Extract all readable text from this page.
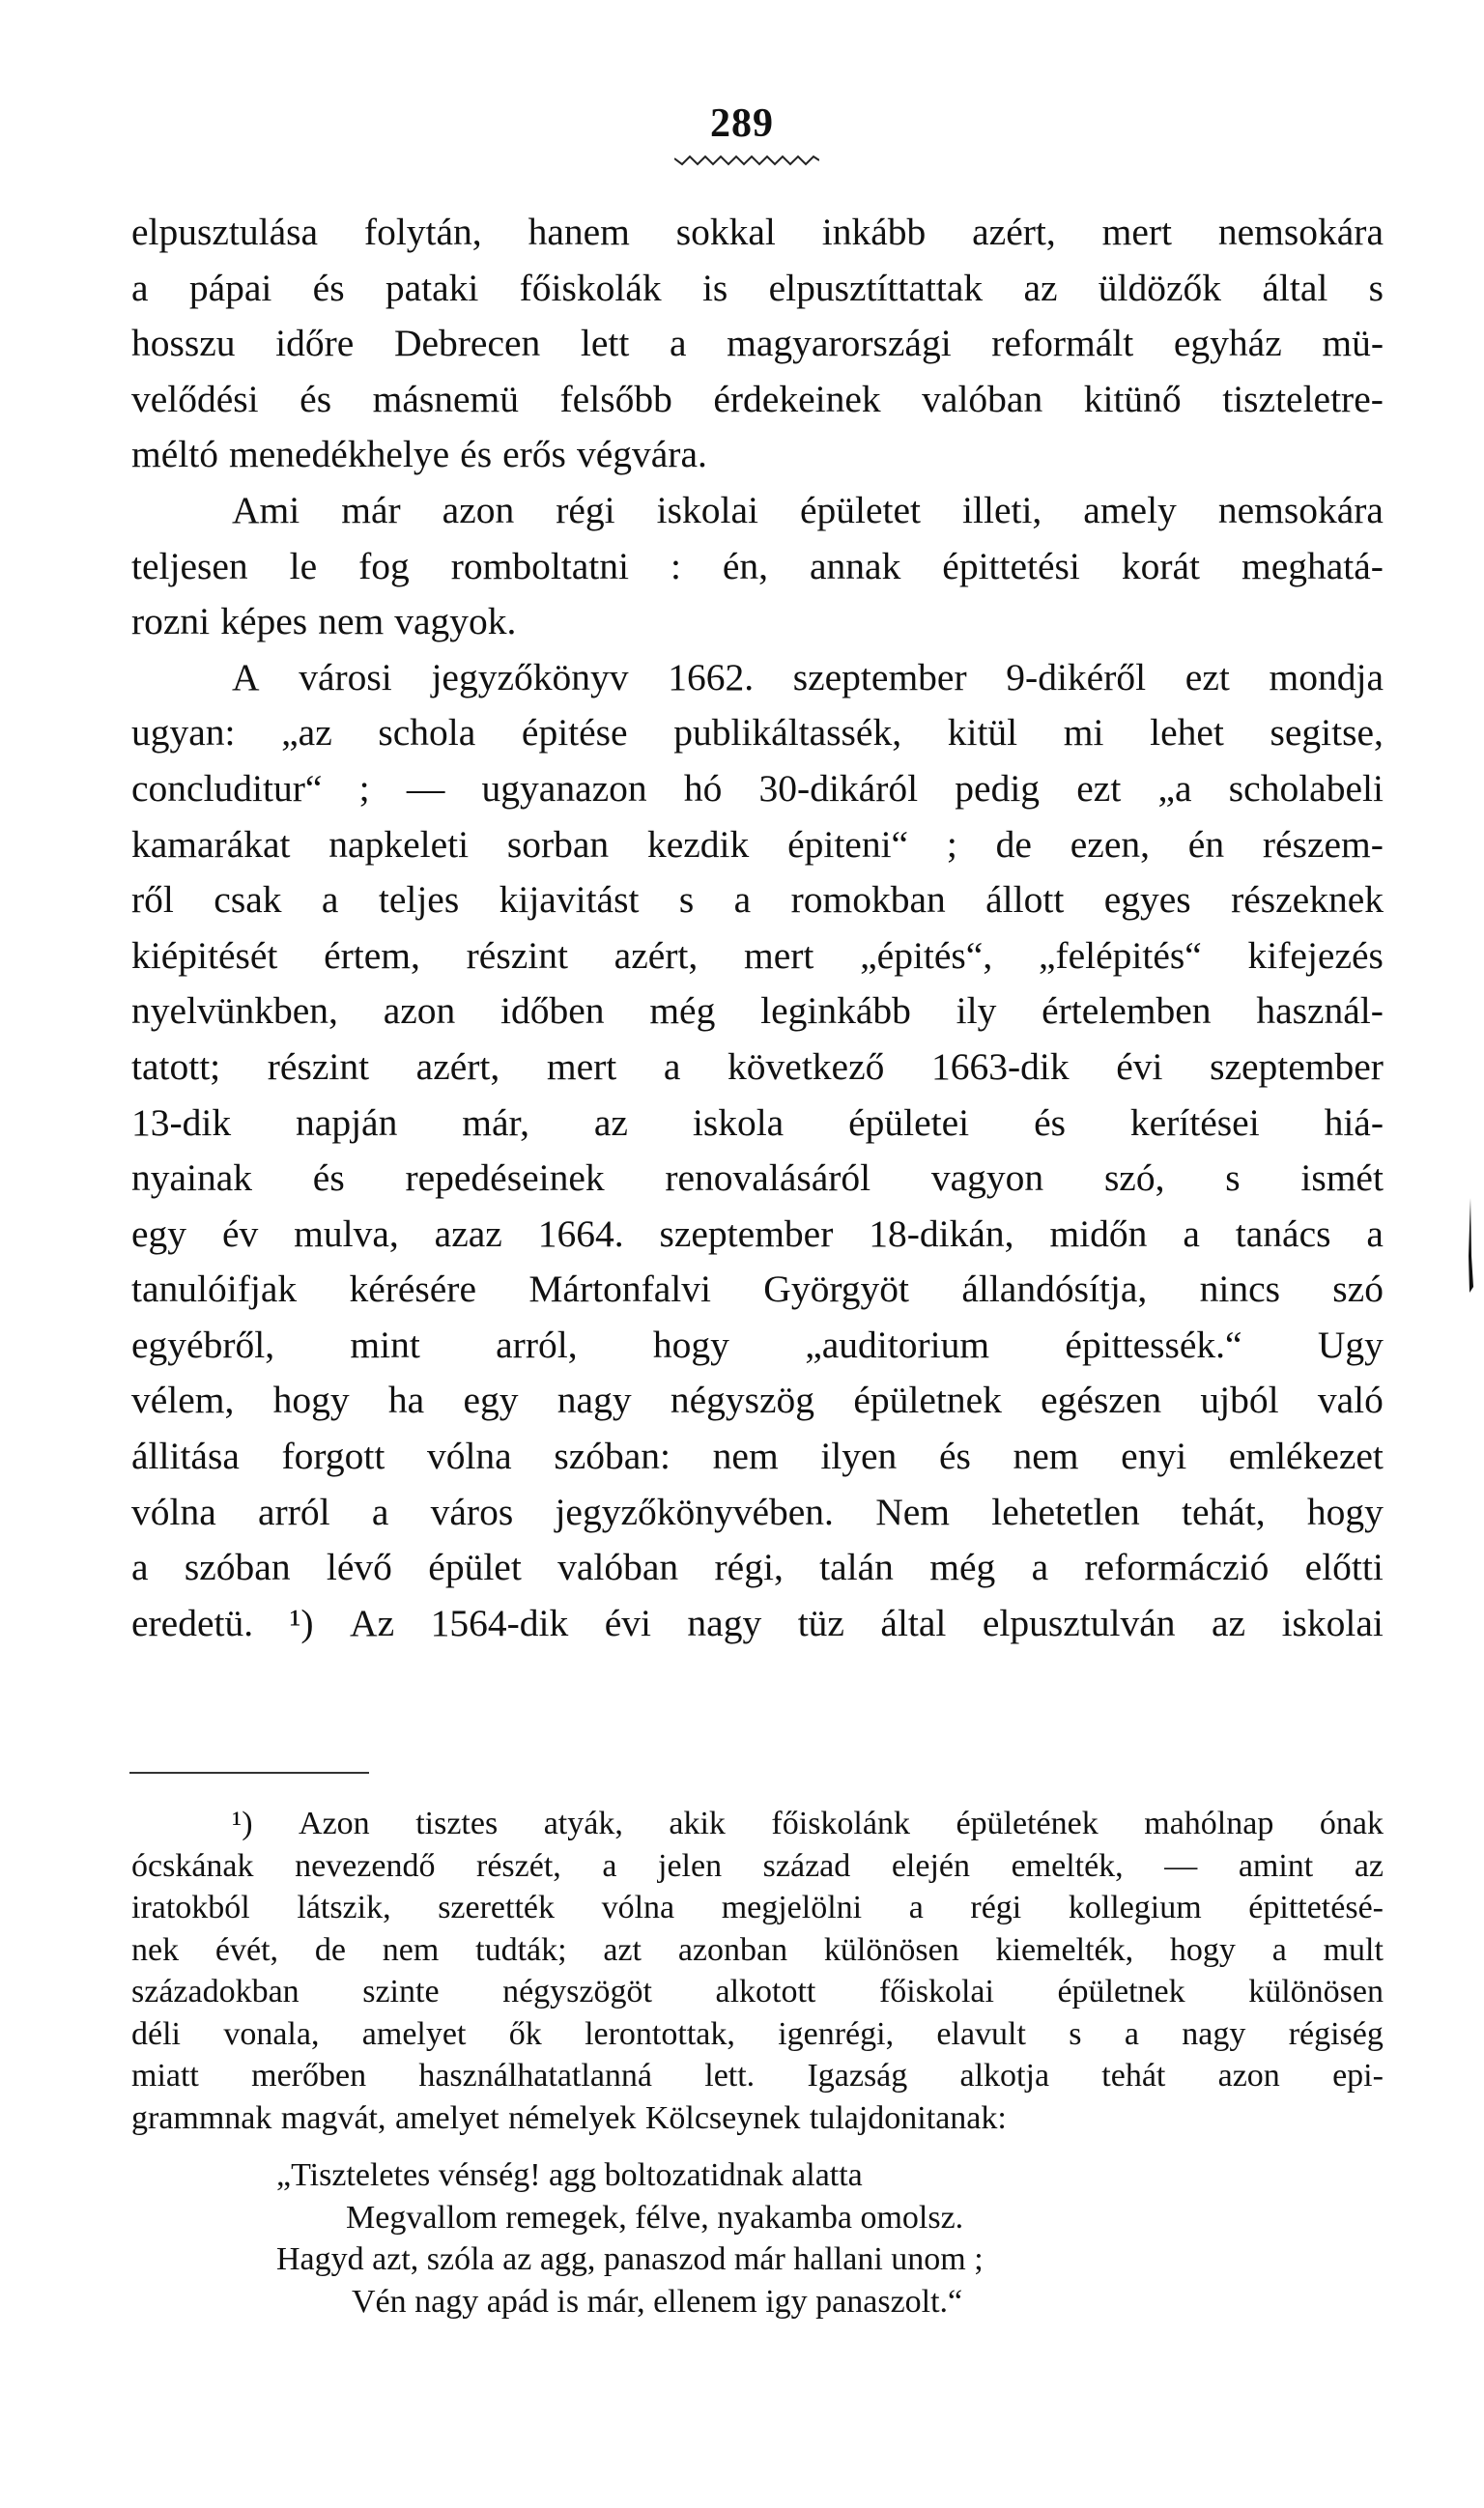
289
elpusztulása folytán, hanem sokkal inkább azért, mert nemsokára
a pápai és pataki főiskolák is elpusztíttattak az üldözők által s
hosszu időre Debrecen lett a magyarországi reformált egyház mü-
velődési és másnemü felsőbb érdekeinek valóban kitünő tiszteletre-
méltó menedékhelye és erős végvára.
Ami már azon régi iskolai épületet illeti, amely nemsokára
teljesen le fog romboltatni : én, annak épittetési korát meghatá-
rozni képes nem vagyok.
A városi jegyzőkönyv 1662. szeptember 9-dikéről ezt mondja
ugyan: „az schola épitése publikáltassék, kitül mi lehet segitse,
concluditur“ ; — ugyanazon hó 30-dikáról pedig ezt „a scholabeli
kamarákat napkeleti sorban kezdik épiteni“ ; de ezen, én részem-
ről csak a teljes kijavitást s a romokban állott egyes részeknek
kiépitését értem, részint azért, mert „épités“, „felépités“ kifejezés
nyelvünkben, azon időben még leginkább ily értelemben használ-
tatott; részint azért, mert a következő 1663-dik évi szeptember
13-dik napján már, az iskola épületei és kerítései hiá-
nyainak és repedéseinek renovalásáról vagyon szó, s ismét
egy év mulva, azaz 1664. szeptember 18-dikán, midőn a tanács a
tanulóifjak kérésére Mártonfalvi Györgyöt állandósítja, nincs szó
egyébről, mint arról, hogy „auditorium épittessék.“ Ugy
vélem, hogy ha egy nagy négyszög épületnek egészen ujból való
állitása forgott vólna szóban: nem ilyen és nem enyi emlékezet
vólna arról a város jegyzőkönyvében. Nem lehetetlen tehát, hogy
a szóban lévő épület valóban régi, talán még a reformáczió előtti
eredetü. ¹) Az 1564-dik évi nagy tüz által elpusztulván az iskolai
¹) Azon tisztes atyák, akik főiskolánk épületének mahólnap ónak
ócskának nevezendő részét, a jelen század elején emelték, — amint az
iratokból látszik, szerették vólna megjelölni a régi kollegium épittetésé-
nek évét, de nem tudták; azt azonban különösen kiemelték, hogy a mult
századokban szinte négyszögöt alkotott főiskolai épületnek különösen
déli vonala, amelyet ők lerontottak, igenrégi, elavult s a nagy régiség
miatt merőben használhatatlanná lett. Igazság alkotja tehát azon epi-
grammnak magvát, amelyet némelyek Kölcseynek tulajdonitanak:
„Tiszteletes vénség! agg boltozatidnak alatta
Megvallom remegek, félve, nyakamba omolsz.
Hagyd azt, szóla az agg, panaszod már hallani unom ;
Vén nagy apád is már, ellenem igy panaszolt.“
